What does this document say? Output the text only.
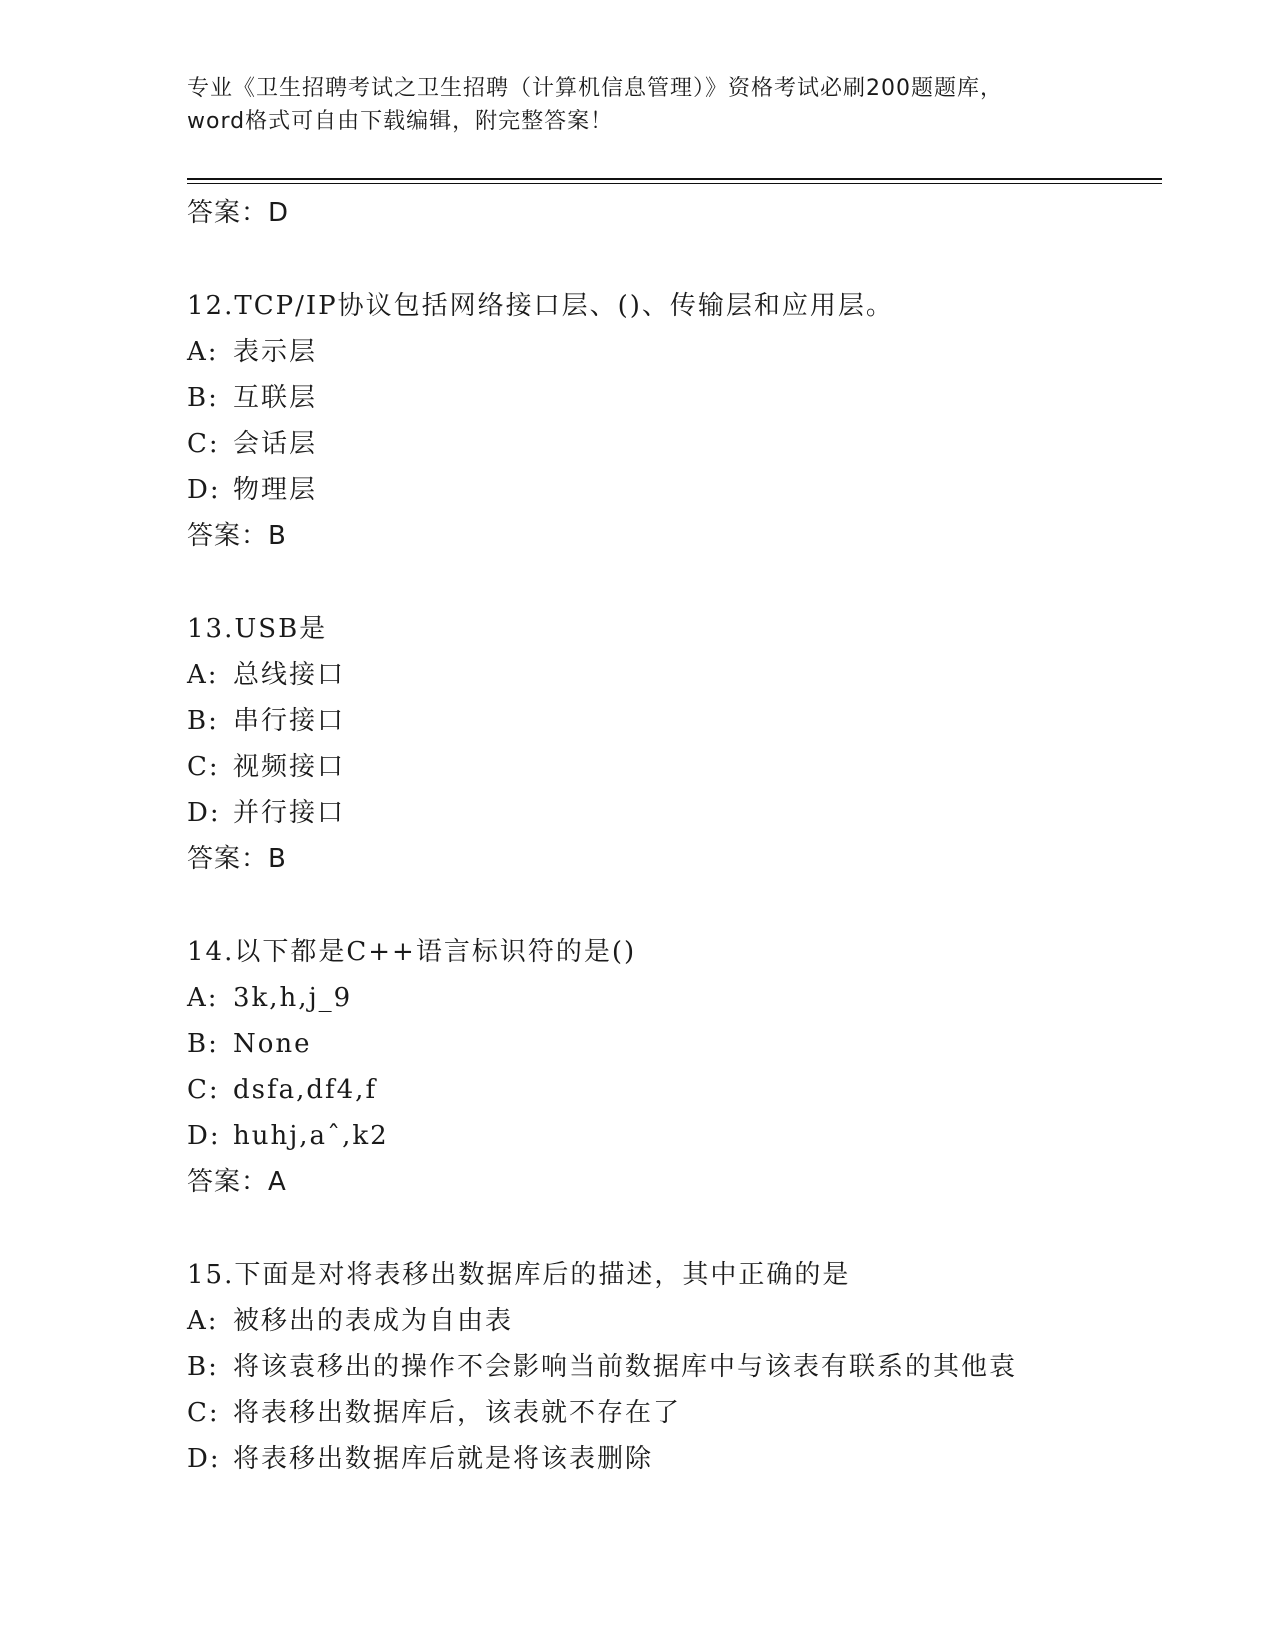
专业《卫生招聘考试之卫生招聘（计算机信息管理）》资格考试必刷200题题库，
word格式可自由下载编辑，附完整答案！
答案：D
12.TCP/IP协议包括网络接口层、()、传输层和应用层。
A: 表示层
B: 互联层
C: 会话层
D: 物理层
答案：B
13.USB是
A: 总线接口
B: 串行接口
C: 视频接口
D: 并行接口
答案：B
14.以下都是C++语言标识符的是()
A: 3k,h,j_9
B: None
C: dsfa,df4,f
D: huhj,aˆ,k2
答案：A
15.下面是对将表移出数据库后的描述，其中正确的是
A: 被移出的表成为自由表
B: 将该袁移出的操作不会影响当前数据库中与该表有联系的其他袁
C: 将表移出数据库后，该表就不存在了
D: 将表移出数据库后就是将该表删除
